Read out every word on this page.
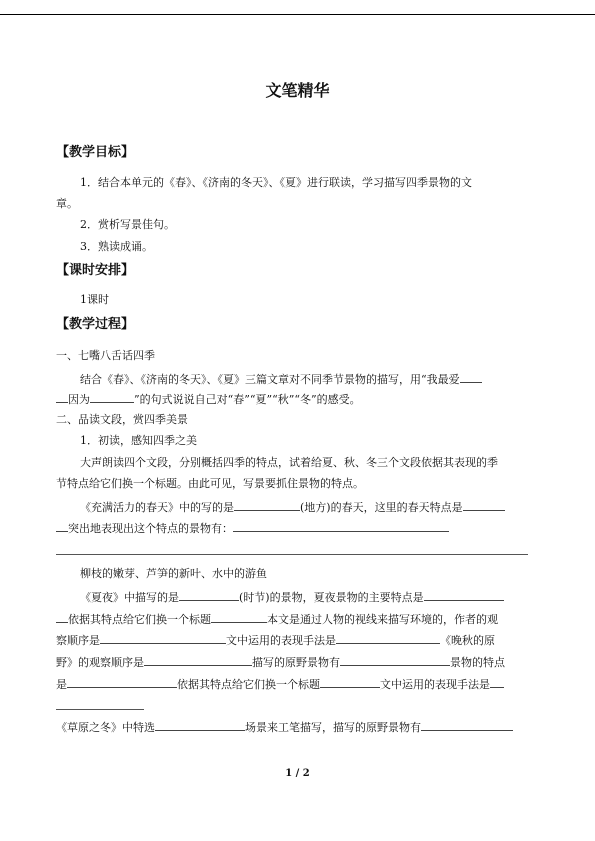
文笔精华
【教学目标】
1．结合本单元的《春》、《济南的冬天》、《夏》进行联读，学习描写四季景物的文
章。
2．赏析写景佳句。
3．熟读成诵。
【课时安排】
1课时
【教学过程】
一、七嘴八舌话四季
结合《春》、《济南的冬天》、《夏》三篇文章对不同季节景物的描写，用“我最爱
因为	”的句式说说自己对“春”“夏”“秋”“冬”的感受。
二、品读文段，赏四季美景
1．初读，感知四季之美
大声朗读四个文段，分别概括四季的特点，试着给夏、秋、冬三个文段依据其表现的季
节特点给它们换一个标题。由此可见，写景要抓住景物的特点。
《充满活力的春天》中的写的是	(地方)的春天，这里的春天特点是
突出地表现出这个特点的景物有：
柳枝的嫩芽、芦笋的新叶、水中的游鱼
《夏夜》中描写的是	(时节)的景物，夏夜景物的主要特点是
依据其特点给它们换一个标题	本文是通过人物的视线来描写环境的，作者的观
察顺序是	文中运用的表现手法是	《晚秋的原
野》的观察顺序是	描写的原野景物有	景物的特点
是	依据其特点给它们换一个标题	文中运用的表现手法是
《草原之冬》中特选	场景来工笔描写，描写的原野景物有
1 / 2
